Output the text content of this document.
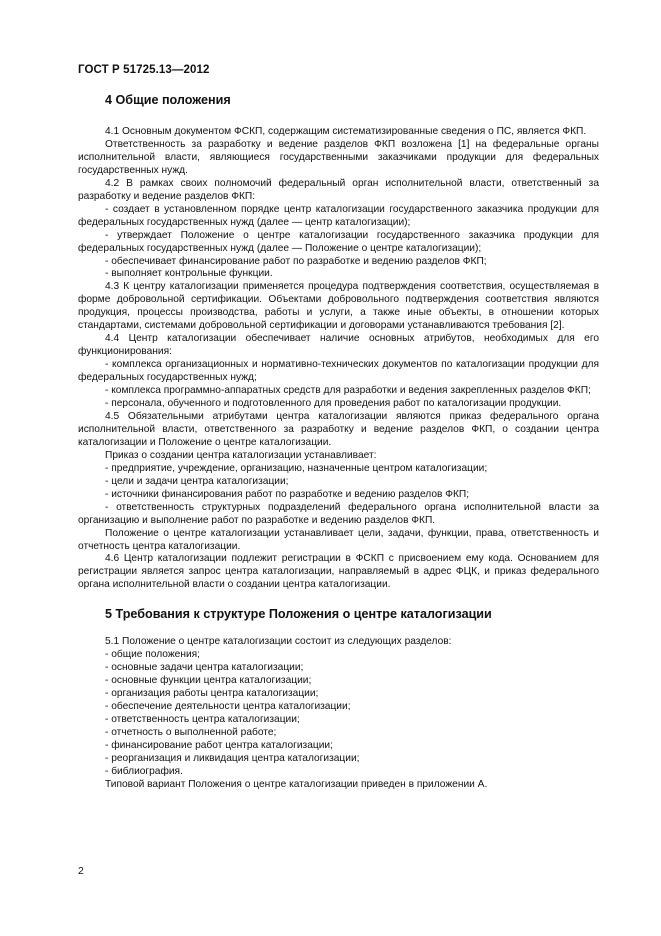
ГОСТ Р 51725.13—2012
4 Общие положения

4.1 Основным документом ФСКП, содержащим систематизированные сведения о ПС, является ФКП.

Ответственность за разработку и ведение разделов ФКП возложена [1] на федеральные органы исполнительной власти, являющиеся государственными заказчиками продукции для федеральных государственных нужд.

4.2 В рамках своих полномочий федеральный орган исполнительной власти, ответственный за разработку и ведение разделов ФКП:

- создает в установленном порядке центр каталогизации государственного заказчика продукции для федеральных государственных нужд (далее — центр каталогизации);

- утверждает Положение о центре каталогизации государственного заказчика продукции для федеральных государственных нужд (далее — Положение о центре каталогизации);

- обеспечивает финансирование работ по разработке и ведению разделов ФКП;

- выполняет контрольные функции.

4.3 К центру каталогизации применяется процедура подтверждения соответствия, осуществляемая в форме добровольной сертификации. Объектами добровольного подтверждения соответствия являются продукция, процессы производства, работы и услуги, а также иные объекты, в отношении которых стандартами, системами добровольной сертификации и договорами устанавливаются требования [2].

4.4 Центр каталогизации обеспечивает наличие основных атрибутов, необходимых для его функционирования:

- комплекса организационных и нормативно-технических документов по каталогизации продукции для федеральных государственных нужд;

- комплекса программно-аппаратных средств для разработки и ведения закрепленных разделов ФКП;

- персонала, обученного и подготовленного для проведения работ по каталогизации продукции.

4.5 Обязательными атрибутами центра каталогизации являются приказ федерального органа исполнительной власти, ответственного за разработку и ведение разделов ФКП, о создании центра каталогизации и Положение о центре каталогизации.

Приказ о создании центра каталогизации устанавливает:

- предприятие, учреждение, организацию, назначенные центром каталогизации;

- цели и задачи центра каталогизации;

- источники финансирования работ по разработке и ведению разделов ФКП;

- ответственность структурных подразделений федерального органа исполнительной власти за организацию и выполнение работ по разработке и ведению разделов ФКП.

Положение о центре каталогизации устанавливает цели, задачи, функции, права, ответственность и отчетность центра каталогизации.

4.6 Центр каталогизации подлежит регистрации в ФСКП с присвоением ему кода. Основанием для регистрации является запрос центра каталогизации, направляемый в адрес ФЦК, и приказ федерального органа исполнительной власти о создании центра каталогизации.

5 Требования к структуре Положения о центре каталогизации

5.1 Положение о центре каталогизации состоит из следующих разделов:

- общие положения;

- основные задачи центра каталогизации;

- основные функции центра каталогизации;

- организация работы центра каталогизации;

- обеспечение деятельности центра каталогизации;

- ответственность центра каталогизации;

- отчетность о выполненной работе;

- финансирование работ центра каталогизации;

- реорганизация и ликвидация центра каталогизации;

- библиография.

Типовой вариант Положения о центре каталогизации приведен в приложении А.

2
